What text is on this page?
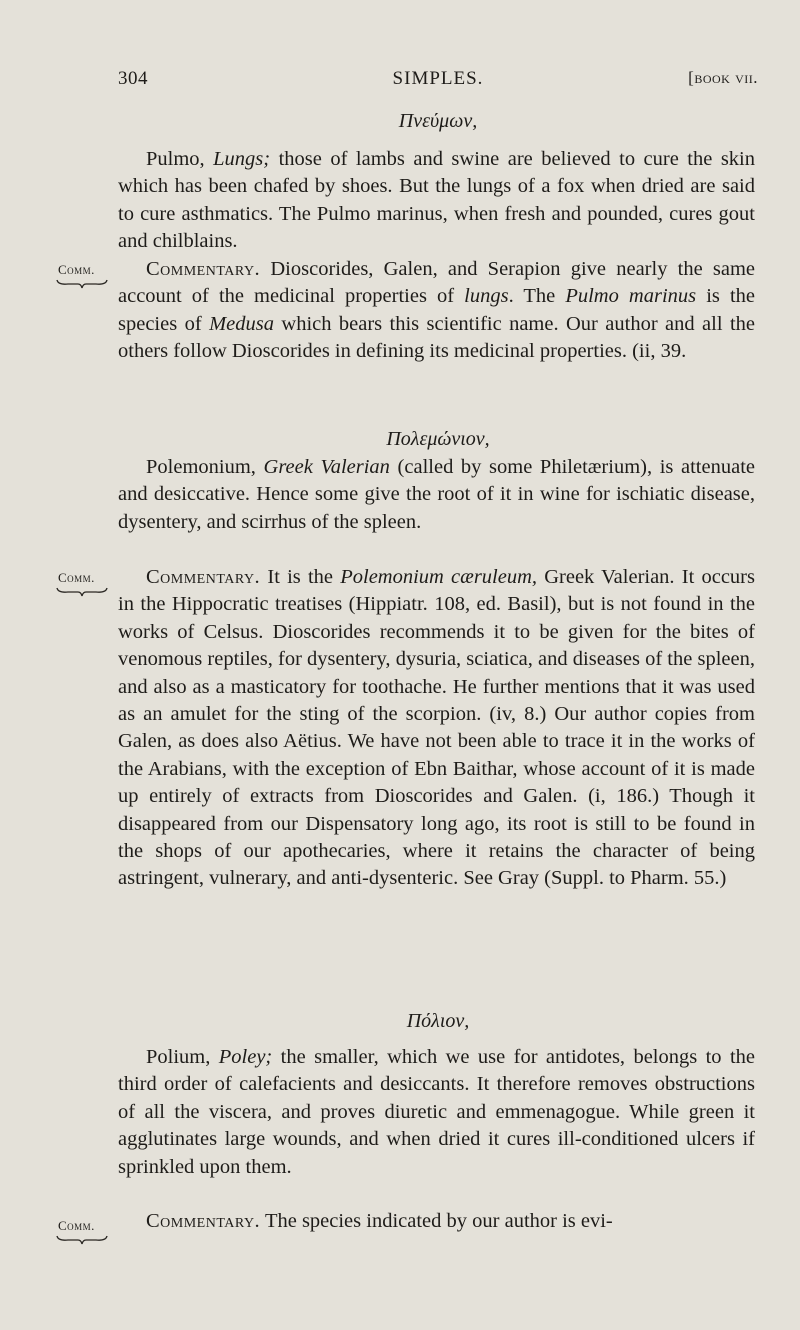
304	SIMPLES.	[book vii.
Πνεύμων,

Pulmo, Lungs; those of lambs and swine are believed to cure the skin which has been chafed by shoes. But the lungs of a fox when dried are said to cure asthmatics. The Pulmo marinus, when fresh and pounded, cures gout and chilblains.

Comm.	Commentary. Dioscorides, Galen, and Serapion give nearly the same account of the medicinal properties of lungs. The Pulmo marinus is the species of Medusa which bears this scientific name. Our author and all the others follow Dioscorides in defining its medicinal properties. (ii, 39.

Πολεμώνιον,

Polemonium, Greek Valerian (called by some Philetærium), is attenuate and desiccative. Hence some give the root of it in wine for ischiatic disease, dysentery, and scirrhus of the spleen.

Comm.	Commentary. It is the Polemonium cæruleum, Greek Valerian. It occurs in the Hippocratic treatises (Hippiatr. 108, ed. Basil), but is not found in the works of Celsus. Dioscorides recommends it to be given for the bites of venomous reptiles, for dysentery, dysuria, sciatica, and diseases of the spleen, and also as a masticatory for toothache. He further mentions that it was used as an amulet for the sting of the scorpion. (iv, 8.) Our author copies from Galen, as does also Aëtius. We have not been able to trace it in the works of the Arabians, with the exception of Ebn Baithar, whose account of it is made up entirely of extracts from Dioscorides and Galen. (i, 186.) Though it disappeared from our Dispensatory long ago, its root is still to be found in the shops of our apothecaries, where it retains the character of being astringent, vulnerary, and anti-dysenteric. See Gray (Suppl. to Pharm. 55.)

Πόλιον,

Polium, Poley; the smaller, which we use for antidotes, belongs to the third order of calefacients and desiccants. It therefore removes obstructions of all the viscera, and proves diuretic and emmenagogue. While green it agglutinates large wounds, and when dried it cures ill-conditioned ulcers if sprinkled upon them.

Comm.	Commentary. The species indicated by our author is evi-
